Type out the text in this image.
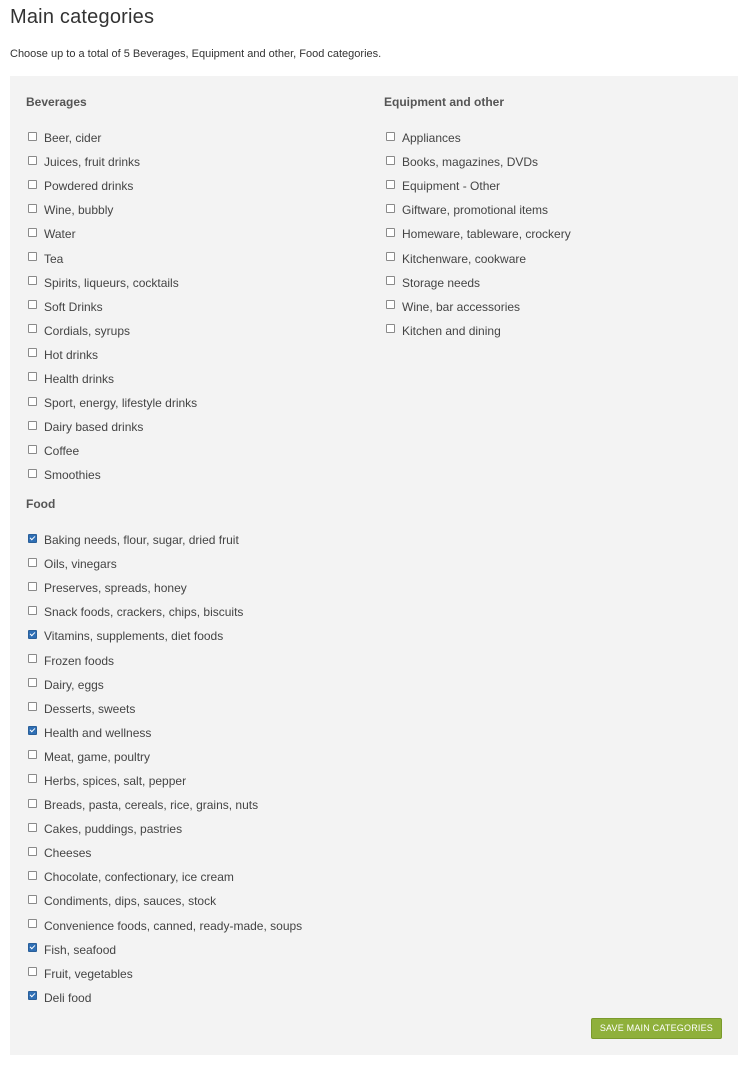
Main categories

Choose up to a total of 5 Beverages, Equipment and other, Food categories.

Beverages
Beer, cider
Juices, fruit drinks
Powdered drinks
Wine, bubbly
Water
Tea
Spirits, liqueurs, cocktails
Soft Drinks
Cordials, syrups
Hot drinks
Health drinks
Sport, energy, lifestyle drinks
Dairy based drinks
Coffee
Smoothies
Equipment and other
Appliances
Books, magazines, DVDs
Equipment - Other
Giftware, promotional items
Homeware, tableware, crockery
Kitchenware, cookware
Storage needs
Wine, bar accessories
Kitchen and dining
Food
Baking needs, flour, sugar, dried fruit
Oils, vinegars
Preserves, spreads, honey
Snack foods, crackers, chips, biscuits
Vitamins, supplements, diet foods
Frozen foods
Dairy, eggs
Desserts, sweets
Health and wellness
Meat, game, poultry
Herbs, spices, salt, pepper
Breads, pasta, cereals, rice, grains, nuts
Cakes, puddings, pastries
Cheeses
Chocolate, confectionary, ice cream
Condiments, dips, sauces, stock
Convenience foods, canned, ready-made, soups
Fish, seafood
Fruit, vegetables
Deli food
SAVE MAIN CATEGORIES
